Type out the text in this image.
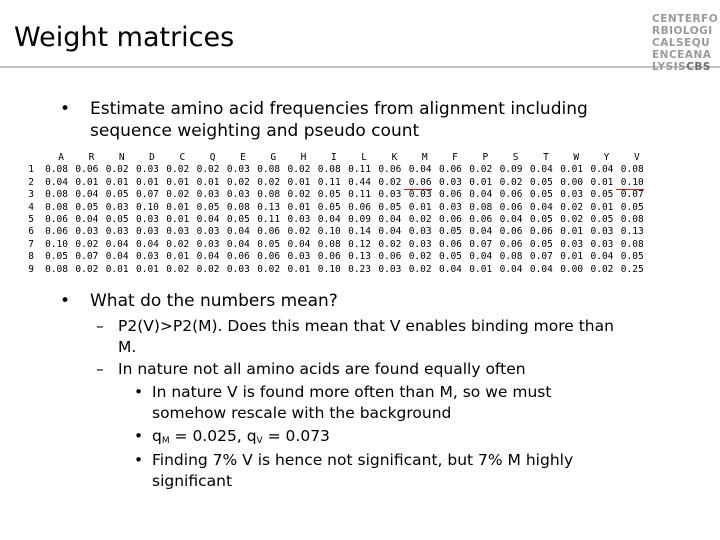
Weight matrices
CENTERFO
RBIOLOGI
CALSEQU
ENCEANA
LYSISCBS
• Estimate amino acid frequencies from alignment including
sequence weighting and pseudo count
A	R	N	D	C	Q	E	G	H	I	L	K	M	F	P	S	T	W	Y	V
1	0.08 0.06 0.02 0.03 0.02 0.02 0.03 0.08 0.02 0.08 0.11 0.06 0.04 0.06 0.02 0.09 0.04 0.01 0.04 0.08
2	0.04 0.01 0.01 0.01 0.01 0.01 0.02 0.02 0.01 0.11 0.44 0.02 0.06 0.03 0.01 0.02 0.05 0.00 0.01 0.10
3	0.08 0.04 0.05 0.07 0.02 0.03 0.03 0.08 0.02 0.05 0.11 0.03 0.03 0.06 0.04 0.06 0.05 0.03 0.05 0.07
4	0.08 0.05 0.03 0.10 0.01 0.05 0.08 0.13 0.01 0.05 0.06 0.05 0.01 0.03 0.08 0.06 0.04 0.02 0.01 0.05
5	0.06 0.04 0.05 0.03 0.01 0.04 0.05 0.11 0.03 0.04 0.09 0.04 0.02 0.06 0.06 0.04 0.05 0.02 0.05 0.08
6	0.06 0.03 0.03 0.03 0.03 0.03 0.04 0.06 0.02 0.10 0.14 0.04 0.03 0.05 0.04 0.06 0.06 0.01 0.03 0.13
7	0.10 0.02 0.04 0.04 0.02 0.03 0.04 0.05 0.04 0.08 0.12 0.02 0.03 0.06 0.07 0.06 0.05 0.03 0.03 0.08
8	0.05 0.07 0.04 0.03 0.01 0.04 0.06 0.06 0.03 0.06 0.13 0.06 0.02 0.05 0.04 0.08 0.07 0.01 0.04 0.05
9	0.08 0.02 0.01 0.01 0.02 0.02 0.03 0.02 0.01 0.10 0.23 0.03 0.02 0.04 0.01 0.04 0.04 0.00 0.02 0.25
• What do the numbers mean?
– P2(V)>P2(M). Does this mean that V enables binding more than
M.
– In nature not all amino acids are found equally often
• In nature V is found more often than M, so we must
somehow rescale with the background
• $q_M = 0.025$, $q_V = 0.073$
• Finding 7% V is hence not significant, but 7% M highly
significant
